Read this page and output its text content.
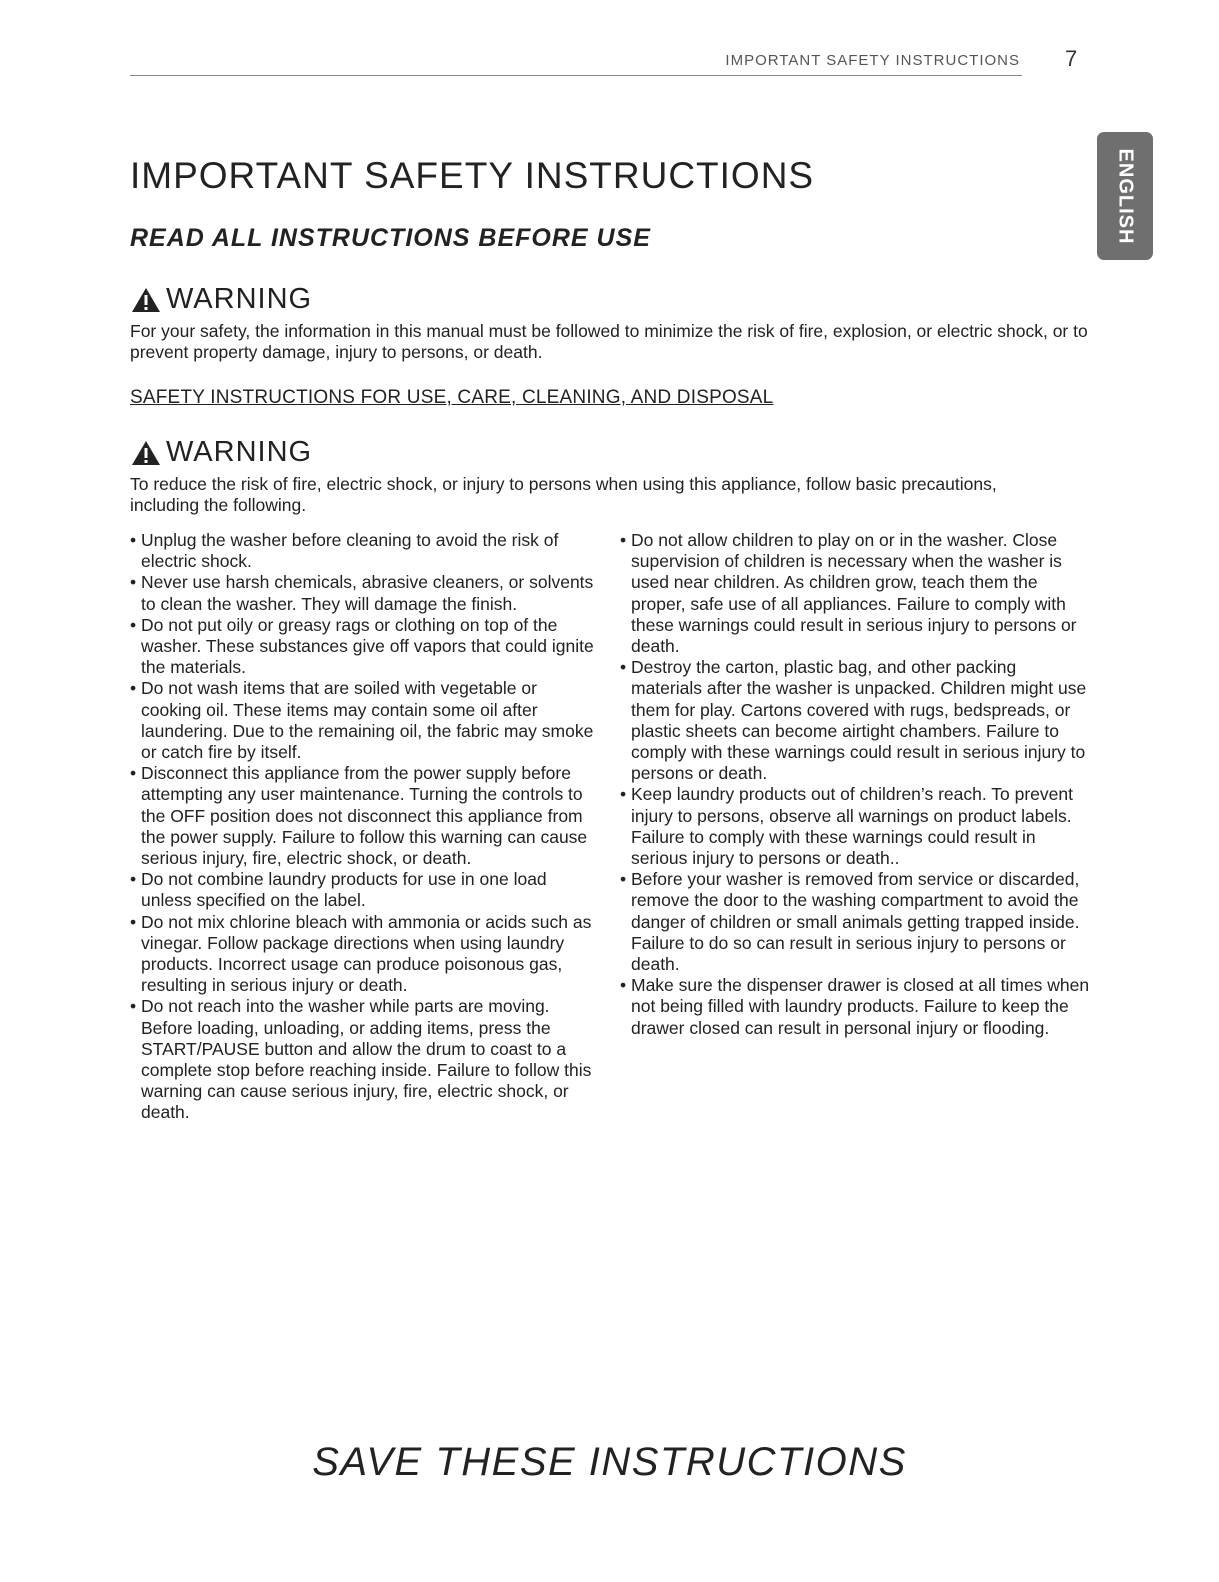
IMPORTANT SAFETY INSTRUCTIONS 7
ENGLISH
IMPORTANT SAFETY INSTRUCTIONS
READ ALL INSTRUCTIONS BEFORE USE
WARNING

For your safety, the information in this manual must be followed to minimize the risk of fire, explosion, or electric shock, or to prevent property damage, injury to persons, or death.

SAFETY INSTRUCTIONS FOR USE, CARE, CLEANING, AND DISPOSAL
WARNING

To reduce the risk of fire, electric shock, or injury to persons when using this appliance, follow basic precautions, including the following.

• Unplug the washer before cleaning to avoid the risk of electric shock.
• Never use harsh chemicals, abrasive cleaners, or solvents to clean the washer. They will damage the finish.
• Do not put oily or greasy rags or clothing on top of the washer. These substances give off vapors that could ignite the materials.
• Do not wash items that are soiled with vegetable or cooking oil. These items may contain some oil after laundering. Due to the remaining oil, the fabric may smoke or catch fire by itself.
• Disconnect this appliance from the power supply before attempting any user maintenance. Turning the controls to the OFF position does not disconnect this appliance from the power supply. Failure to follow this warning can cause serious injury, fire, electric shock, or death.
• Do not combine laundry products for use in one load unless specified on the label.
• Do not mix chlorine bleach with ammonia or acids such as vinegar. Follow package directions when using laundry products. Incorrect usage can produce poisonous gas, resulting in serious injury or death.
• Do not reach into the washer while parts are moving. Before loading, unloading, or adding items, press the START/PAUSE button and allow the drum to coast to a complete stop before reaching inside. Failure to follow this warning can cause serious injury, fire, electric shock, or death.
• Do not allow children to play on or in the washer. Close supervision of children is necessary when the washer is used near children. As children grow, teach them the proper, safe use of all appliances. Failure to comply with these warnings could result in serious injury to persons or death.
• Destroy the carton, plastic bag, and other packing materials after the washer is unpacked. Children might use them for play. Cartons covered with rugs, bedspreads, or plastic sheets can become airtight chambers. Failure to comply with these warnings could result in serious injury to persons or death.
• Keep laundry products out of children’s reach. To prevent injury to persons, observe all warnings on product labels. Failure to comply with these warnings could result in serious injury to persons or death..
• Before your washer is removed from service or discarded, remove the door to the washing compartment to avoid the danger of children or small animals getting trapped inside. Failure to do so can result in serious injury to persons or death.
• Make sure the dispenser drawer is closed at all times when not being filled with laundry products. Failure to keep the drawer closed can result in personal injury or flooding.
SAVE THESE INSTRUCTIONS
